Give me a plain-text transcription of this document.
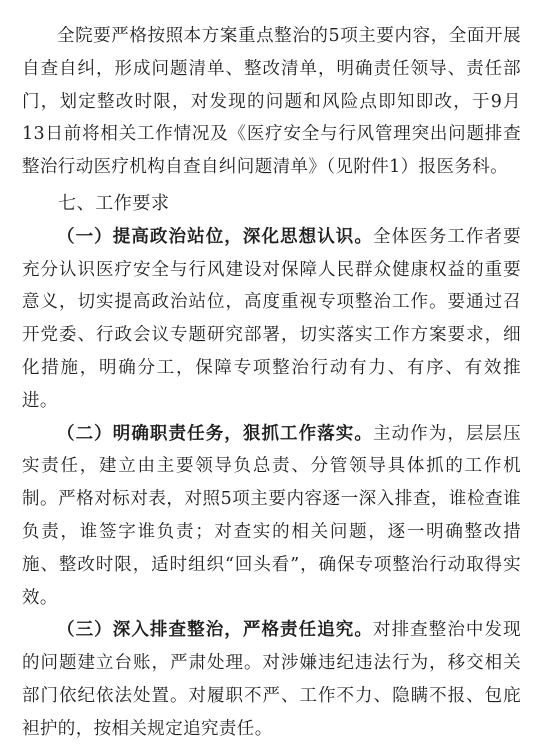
全院要严格按照本方案重点整治的5项主要内容，全面开展自查自纠，形成问题清单、整改清单，明确责任领导、责任部门，划定整改时限，对发现的问题和风险点即知即改，于9月13日前将相关工作情况及《医疗安全与行风管理突出问题排查整治行动医疗机构自查自纠问题清单》（见附件1）报医务科。

七、工作要求

（一）提高政治站位，深化思想认识。全体医务工作者要充分认识医疗安全与行风建设对保障人民群众健康权益的重要意义，切实提高政治站位，高度重视专项整治工作。要通过召开党委、行政会议专题研究部署，切实落实工作方案要求，细化措施，明确分工，保障专项整治行动有力、有序、有效推进。

（二）明确职责任务，狠抓工作落实。主动作为，层层压实责任，建立由主要领导负总责、分管领导具体抓的工作机制。严格对标对表，对照5项主要内容逐一深入排查，谁检查谁负责，谁签字谁负责；对查实的相关问题，逐一明确整改措施、整改时限，适时组织“回头看”，确保专项整治行动取得实效。

（三）深入排查整治，严格责任追究。对排查整治中发现的问题建立台账，严肃处理。对涉嫌违纪违法行为，移交相关部门依纪依法处置。对履职不严、工作不力、隐瞒不报、包庇袒护的，按相关规定追究责任。
